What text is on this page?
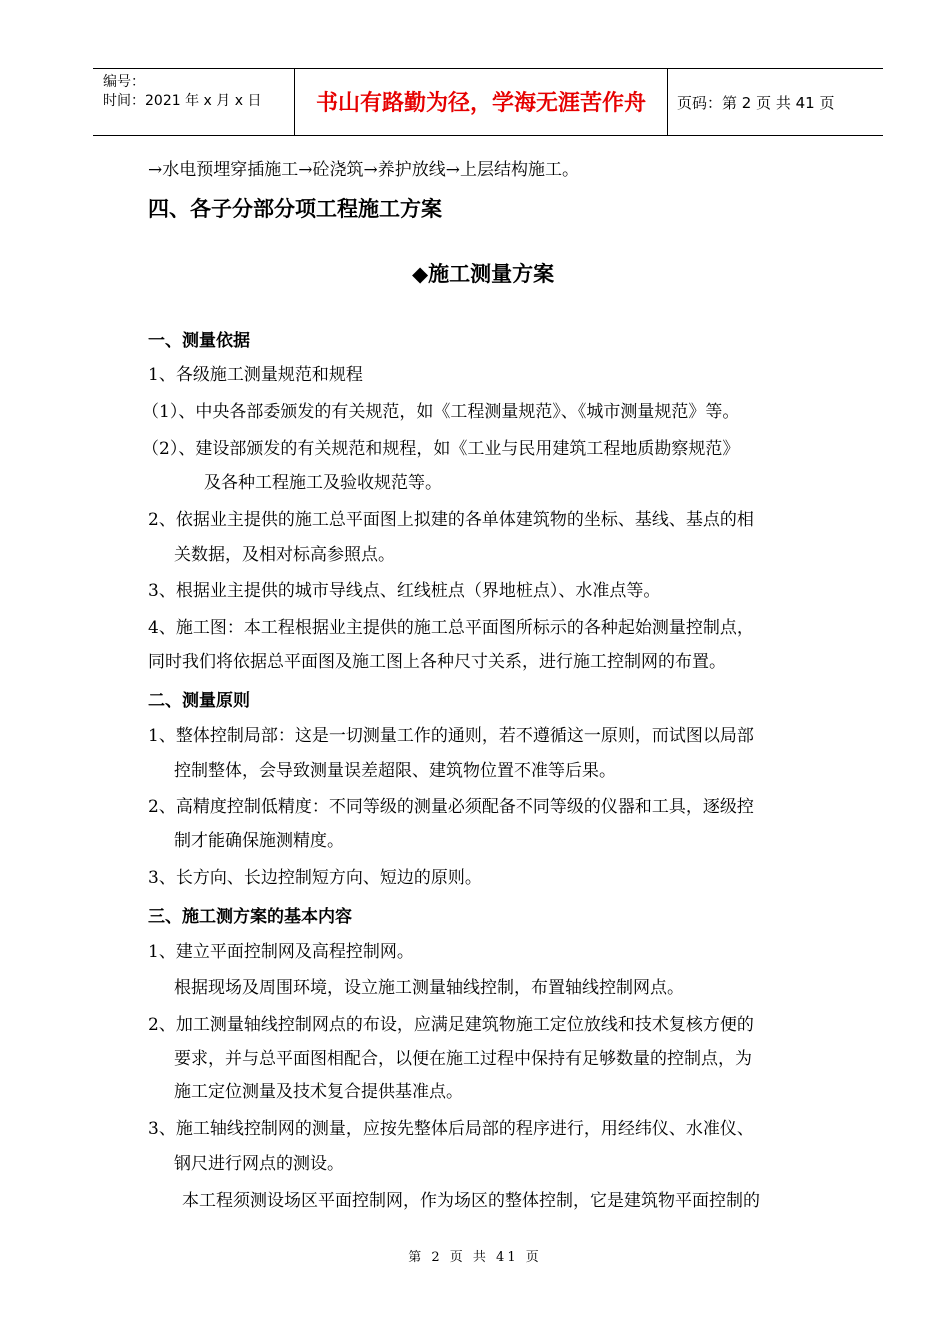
编号：
时间：2021 年 x 月 x 日	书山有路勤为径，学海无涯苦作舟	页码：第 2 页 共 41 页
→水电预埋穿插施工→砼浇筑→养护放线→上层结构施工。
四、各子分部分项工程施工方案
◆施工测量方案
一、测量依据
1、各级施工测量规范和规程
（1）、中央各部委颁发的有关规范，如《工程测量规范》、《城市测量规范》等。
（2）、建设部颁发的有关规范和规程，如《工业与民用建筑工程地质勘察规范》
及各种工程施工及验收规范等。
2、依据业主提供的施工总平面图上拟建的各单体建筑物的坐标、基线、基点的相
关数据，及相对标高参照点。
3、根据业主提供的城市导线点、红线桩点（界地桩点）、水准点等。
4、施工图：本工程根据业主提供的施工总平面图所标示的各种起始测量控制点，
同时我们将依据总平面图及施工图上各种尺寸关系，进行施工控制网的布置。
二、测量原则
1、整体控制局部：这是一切测量工作的通则，若不遵循这一原则，而试图以局部
控制整体，会导致测量误差超限、建筑物位置不准等后果。
2、高精度控制低精度：不同等级的测量必须配备不同等级的仪器和工具，逐级控
制才能确保施测精度。
3、长方向、长边控制短方向、短边的原则。
三、施工测方案的基本内容
1、建立平面控制网及高程控制网。
根据现场及周围环境，设立施工测量轴线控制，布置轴线控制网点。
2、加工测量轴线控制网点的布设，应满足建筑物施工定位放线和技术复核方便的
要求，并与总平面图相配合，以便在施工过程中保持有足够数量的控制点，为
施工定位测量及技术复合提供基准点。
3、施工轴线控制网的测量，应按先整体后局部的程序进行，用经纬仪、水准仪、
钢尺进行网点的测设。
本工程须测设场区平面控制网，作为场区的整体控制，它是建筑物平面控制的
第 2 页 共 41 页
